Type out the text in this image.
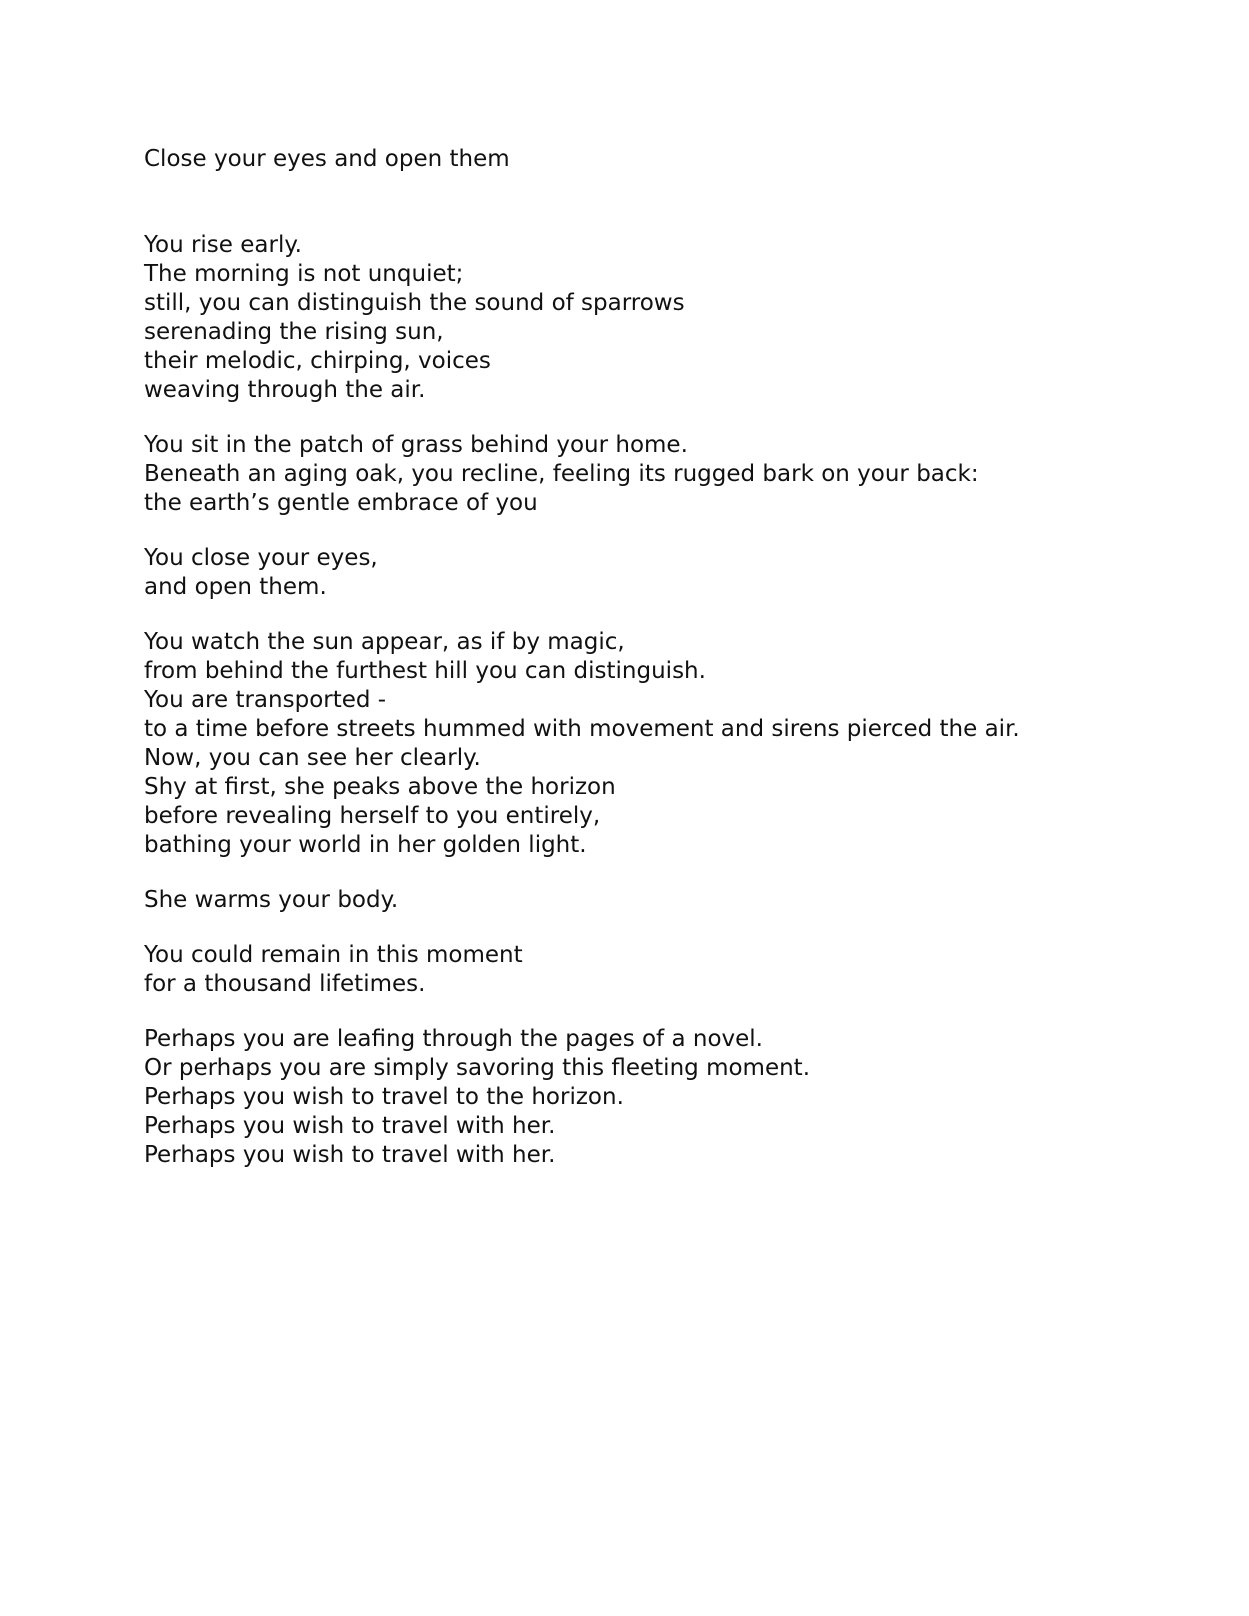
Close your eyes and open them
You rise early.
The morning is not unquiet;
still, you can distinguish the sound of sparrows
serenading the rising sun,
their melodic, chirping, voices
weaving through the air.
You sit in the patch of grass behind your home.
Beneath an aging oak, you recline, feeling its rugged bark on your back:
the earth’s gentle embrace of you
You close your eyes,
and open them.
You watch the sun appear, as if by magic,
from behind the furthest hill you can distinguish.
You are transported -
to a time before streets hummed with movement and sirens pierced the air.
Now, you can see her clearly.
Shy at first, she peaks above the horizon
before revealing herself to you entirely,
bathing your world in her golden light.
She warms your body.
You could remain in this moment
for a thousand lifetimes.
Perhaps you are leafing through the pages of a novel.
Or perhaps you are simply savoring this fleeting moment.
Perhaps you wish to travel to the horizon.
Perhaps you wish to travel with her.
Perhaps you wish to travel with her.
